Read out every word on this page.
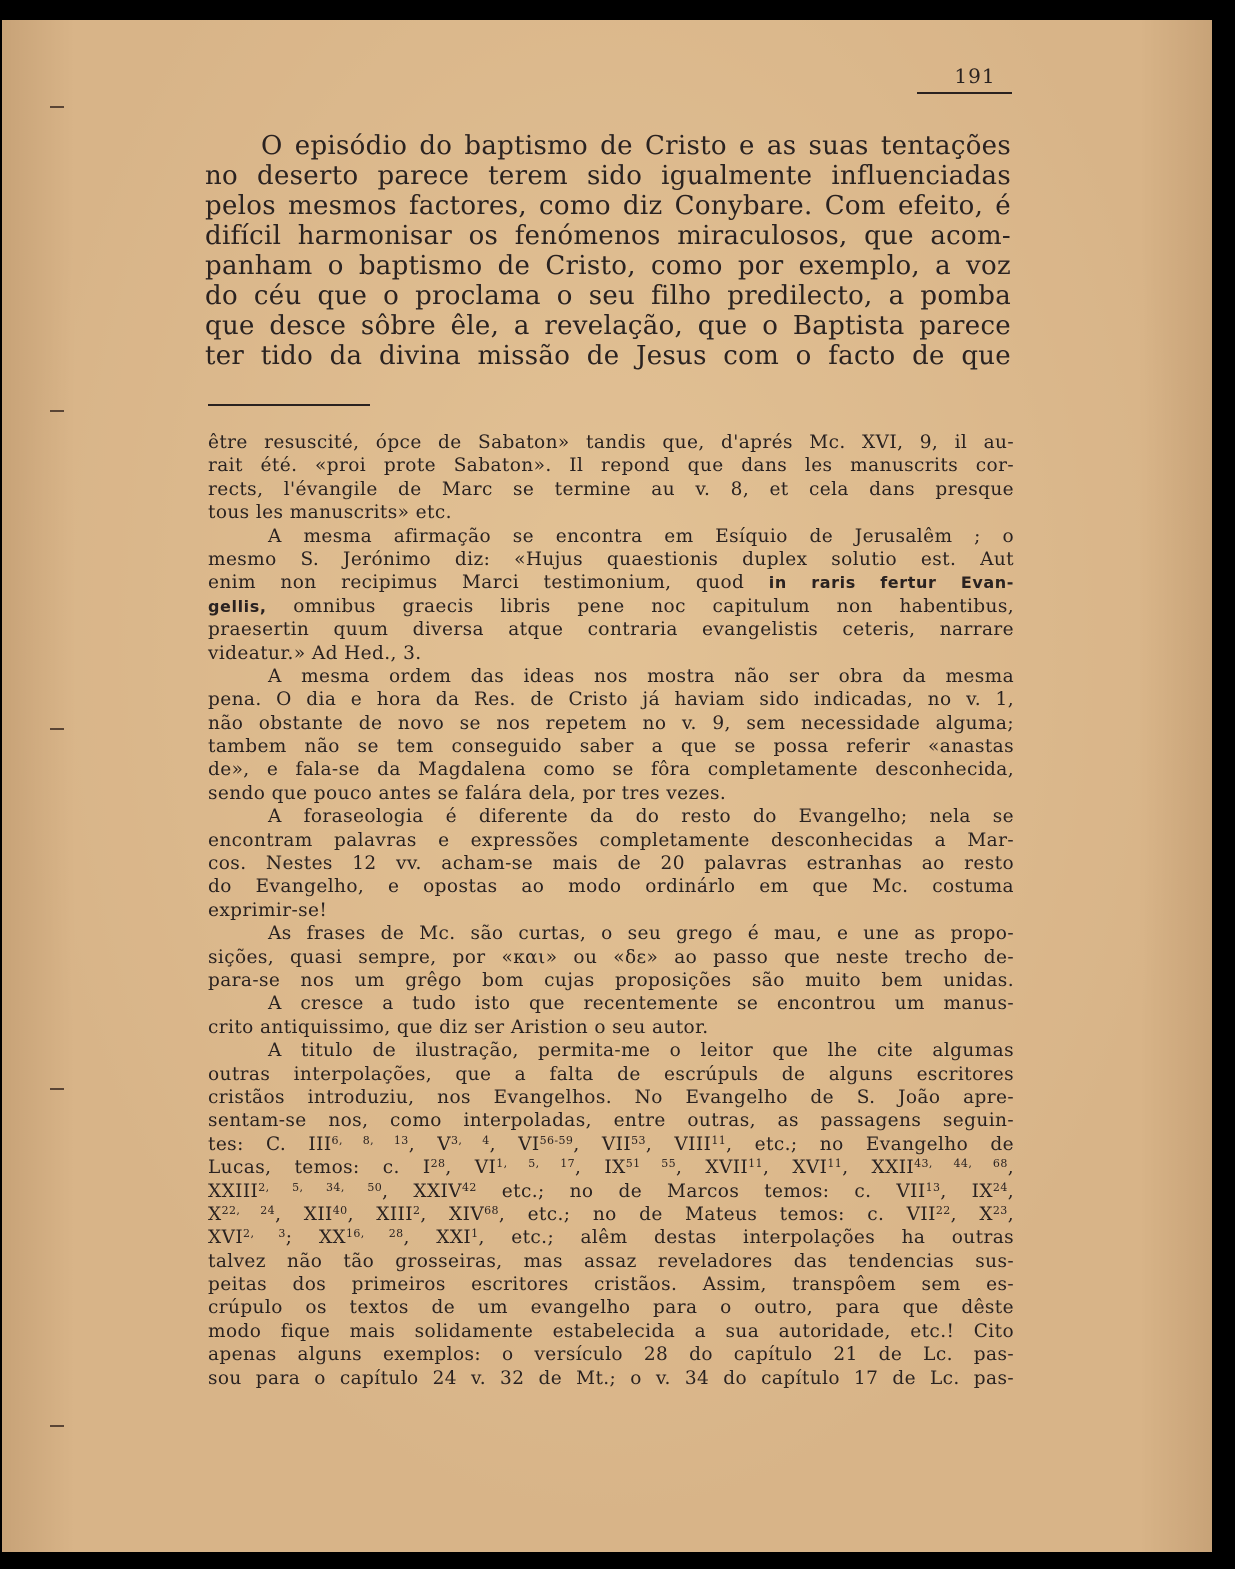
191

O episódio do baptismo de Cristo e as suas tentações
no deserto parece terem sido igualmente influenciadas
pelos mesmos factores, como diz Conybare. Com efeito, é
difícil harmonisar os fenómenos miraculosos, que acom-
panham o baptismo de Cristo, como por exemplo, a voz
do céu que o proclama o seu filho predilecto, a pomba
que desce sôbre êle, a revelação, que o Baptista parece
ter tido da divina missão de Jesus com o facto de que

être resuscité, ópce de Sabaton» tandis que, d'aprés Mc. XVI, 9, il au-
rait été. «proi prote Sabaton». Il repond que dans les manuscrits cor-
rects, l'évangile de Marc se termine au v. 8, et cela dans presque
tous les manuscrits» etc.
A mesma afirmação se encontra em Esíquio de Jerusalêm ; o
mesmo S. Jerónimo diz: «Hujus quaestionis duplex solutio est. Aut
enim non recipimus Marci testimonium, quod in raris fertur Evan-
gellis, omnibus graecis libris pene noc capitulum non habentibus,
praesertin quum diversa atque contraria evangelistis ceteris, narrare
videatur.» Ad Hed., 3.
A mesma ordem das ideas nos mostra não ser obra da mesma
pena. O dia e hora da Res. de Cristo já haviam sido indicadas, no v. 1,
não obstante de novo se nos repetem no v. 9, sem necessidade alguma;
tambem não se tem conseguido saber a que se possa referir «anastas
de», e fala-se da Magdalena como se fôra completamente desconhecida,
sendo que pouco antes se falára dela, por tres vezes.
A foraseologia é diferente da do resto do Evangelho; nela se
encontram palavras e expressões completamente desconhecidas a Mar-
cos. Nestes 12 vv. acham-se mais de 20 palavras estranhas ao resto
do Evangelho, e opostas ao modo ordinárlo em que Mc. costuma
exprimir-se!
As frases de Mc. são curtas, o seu grego é mau, e une as propo-
sições, quasi sempre, por «και» ou «δε» ao passo que neste trecho de-
para-se nos um grêgo bom cujas proposições são muito bem unidas.
A cresce a tudo isto que recentemente se encontrou um manus-
crito antiquissimo, que diz ser Aristion o seu autor.
A titulo de ilustração, permita-me o leitor que lhe cite algumas
outras interpolações, que a falta de escrúpuls de alguns escritores
cristãos introduziu, nos Evangelhos. No Evangelho de S. João apre-
sentam-se nos, como interpoladas, entre outras, as passagens seguin-
tes: C. III$^{6, 8, 13}$, V$^{3, 4}$, VI$^{56-59}$, VII$^{53}$, VIII$^{11}$, etc.; no Evangelho de
Lucas, temos: c. $I^{28}$, VI$^{1, 5, 17}$, $IX^{51 55}$, XVII$^{11}$, XVI$^{11}$, XXII$^{43, 44, 68}$,
XXIII$^{2, 5, 34, 50}$, XXIV$^{42}$ etc.; no de Marcos temos: c. VII$^{13}$, IX$^{24}$,
X$^{22, 24}$, XII$^{40}$, XIII$^2$, XIV$^{68}$, etc.; no de Mateus temos: c. VII$^{22}$, $X^{23}$,
XVI$^{2, 3}$; XX$^{16, 28}$, XXI$^1$, etc.; alêm destas interpolações ha outras
talvez não tão grosseiras, mas assaz reveladores das tendencias sus-
peitas dos primeiros escritores cristãos. Assim, transpôem sem es-
crúpulo os textos de um evangelho para o outro, para que dêste
modo fique mais solidamente estabelecida a sua autoridade, etc.! Cito
apenas alguns exemplos: o versículo 28 do capítulo 21 de Lc. pas-
sou para o capítulo 24 v. 32 de Mt.; o v. 34 do capítulo 17 de Lc. pas-
